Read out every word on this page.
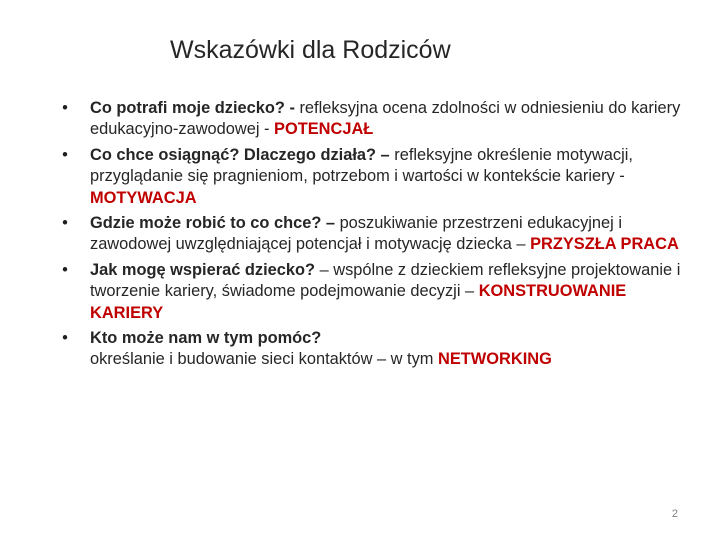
Wskazówki dla Rodziców
• Co potrafi moje dziecko? - refleksyjna ocena zdolności w odniesieniu do kariery edukacyjno-zawodowej - POTENCJAŁ
• Co chce osiągnąć? Dlaczego działa? – refleksyjne określenie motywacji, przyglądanie się pragnieniom, potrzebom i wartości w kontekście kariery - MOTYWACJA
• Gdzie może robić to co chce? – poszukiwanie przestrzeni edukacyjnej i zawodowej uwzględniającej potencjał i motywację dziecka – PRZYSZŁA PRACA
• Jak mogę wspierać dziecko? – wspólne z dzieckiem refleksyjne projektowanie i tworzenie kariery, świadome podejmowanie decyzji – KONSTRUOWANIE KARIERY
• Kto może nam w tym pomóc?
określanie i budowanie sieci kontaktów – w tym NETWORKING
2
